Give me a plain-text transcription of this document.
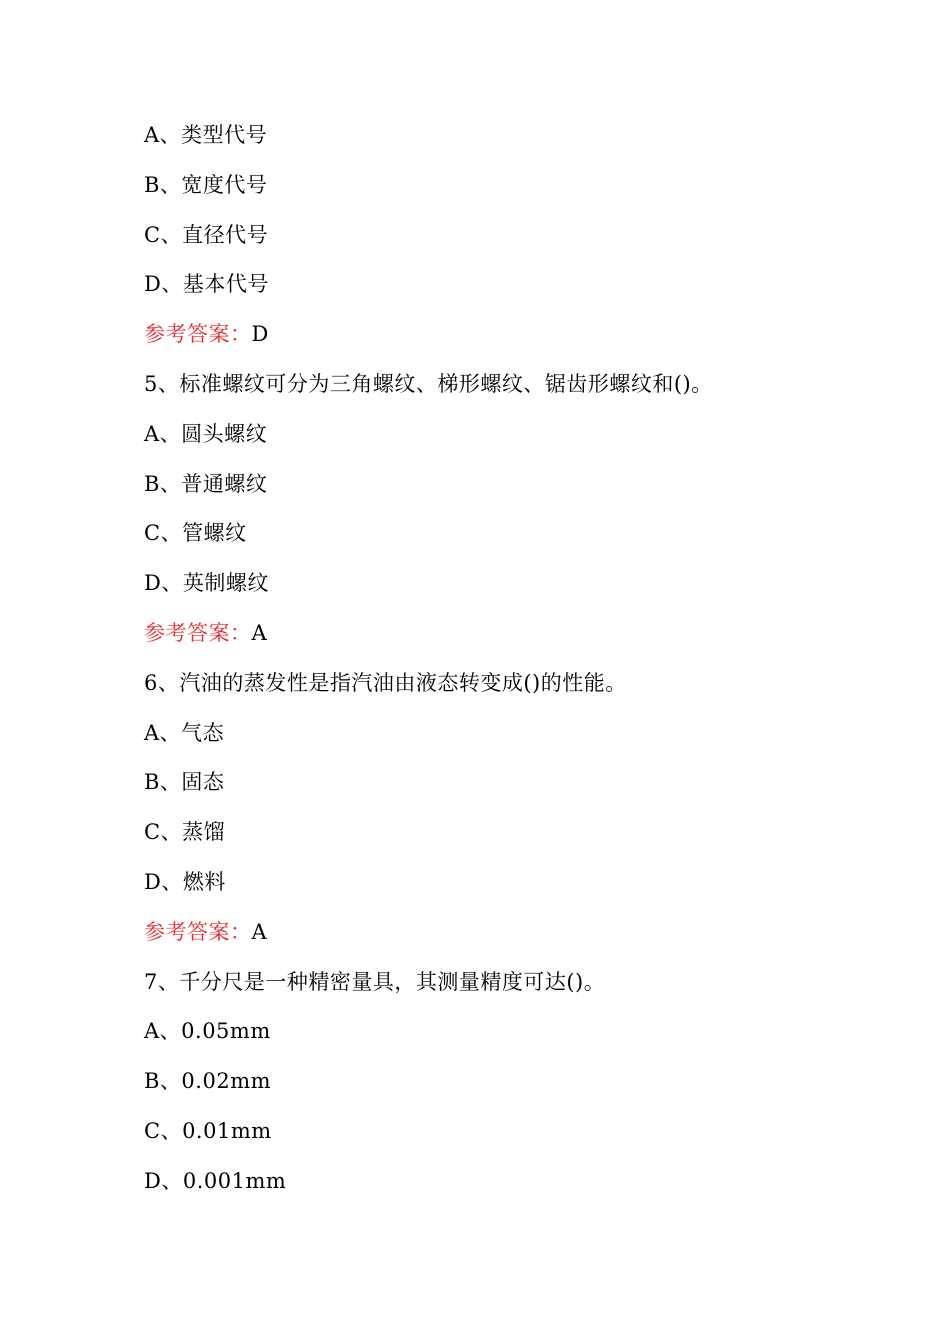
A、类型代号
B、宽度代号
C、直径代号
D、基本代号
参考答案：D
5、标准螺纹可分为三角螺纹、梯形螺纹、锯齿形螺纹和()。
A、圆头螺纹
B、普通螺纹
C、管螺纹
D、英制螺纹
参考答案：A
6、汽油的蒸发性是指汽油由液态转变成()的性能。
A、气态
B、固态
C、蒸馏
D、燃料
参考答案：A
7、千分尺是一种精密量具，其测量精度可达()。
A、0.05mm
B、0.02mm
C、0.01mm
D、0.001mm
